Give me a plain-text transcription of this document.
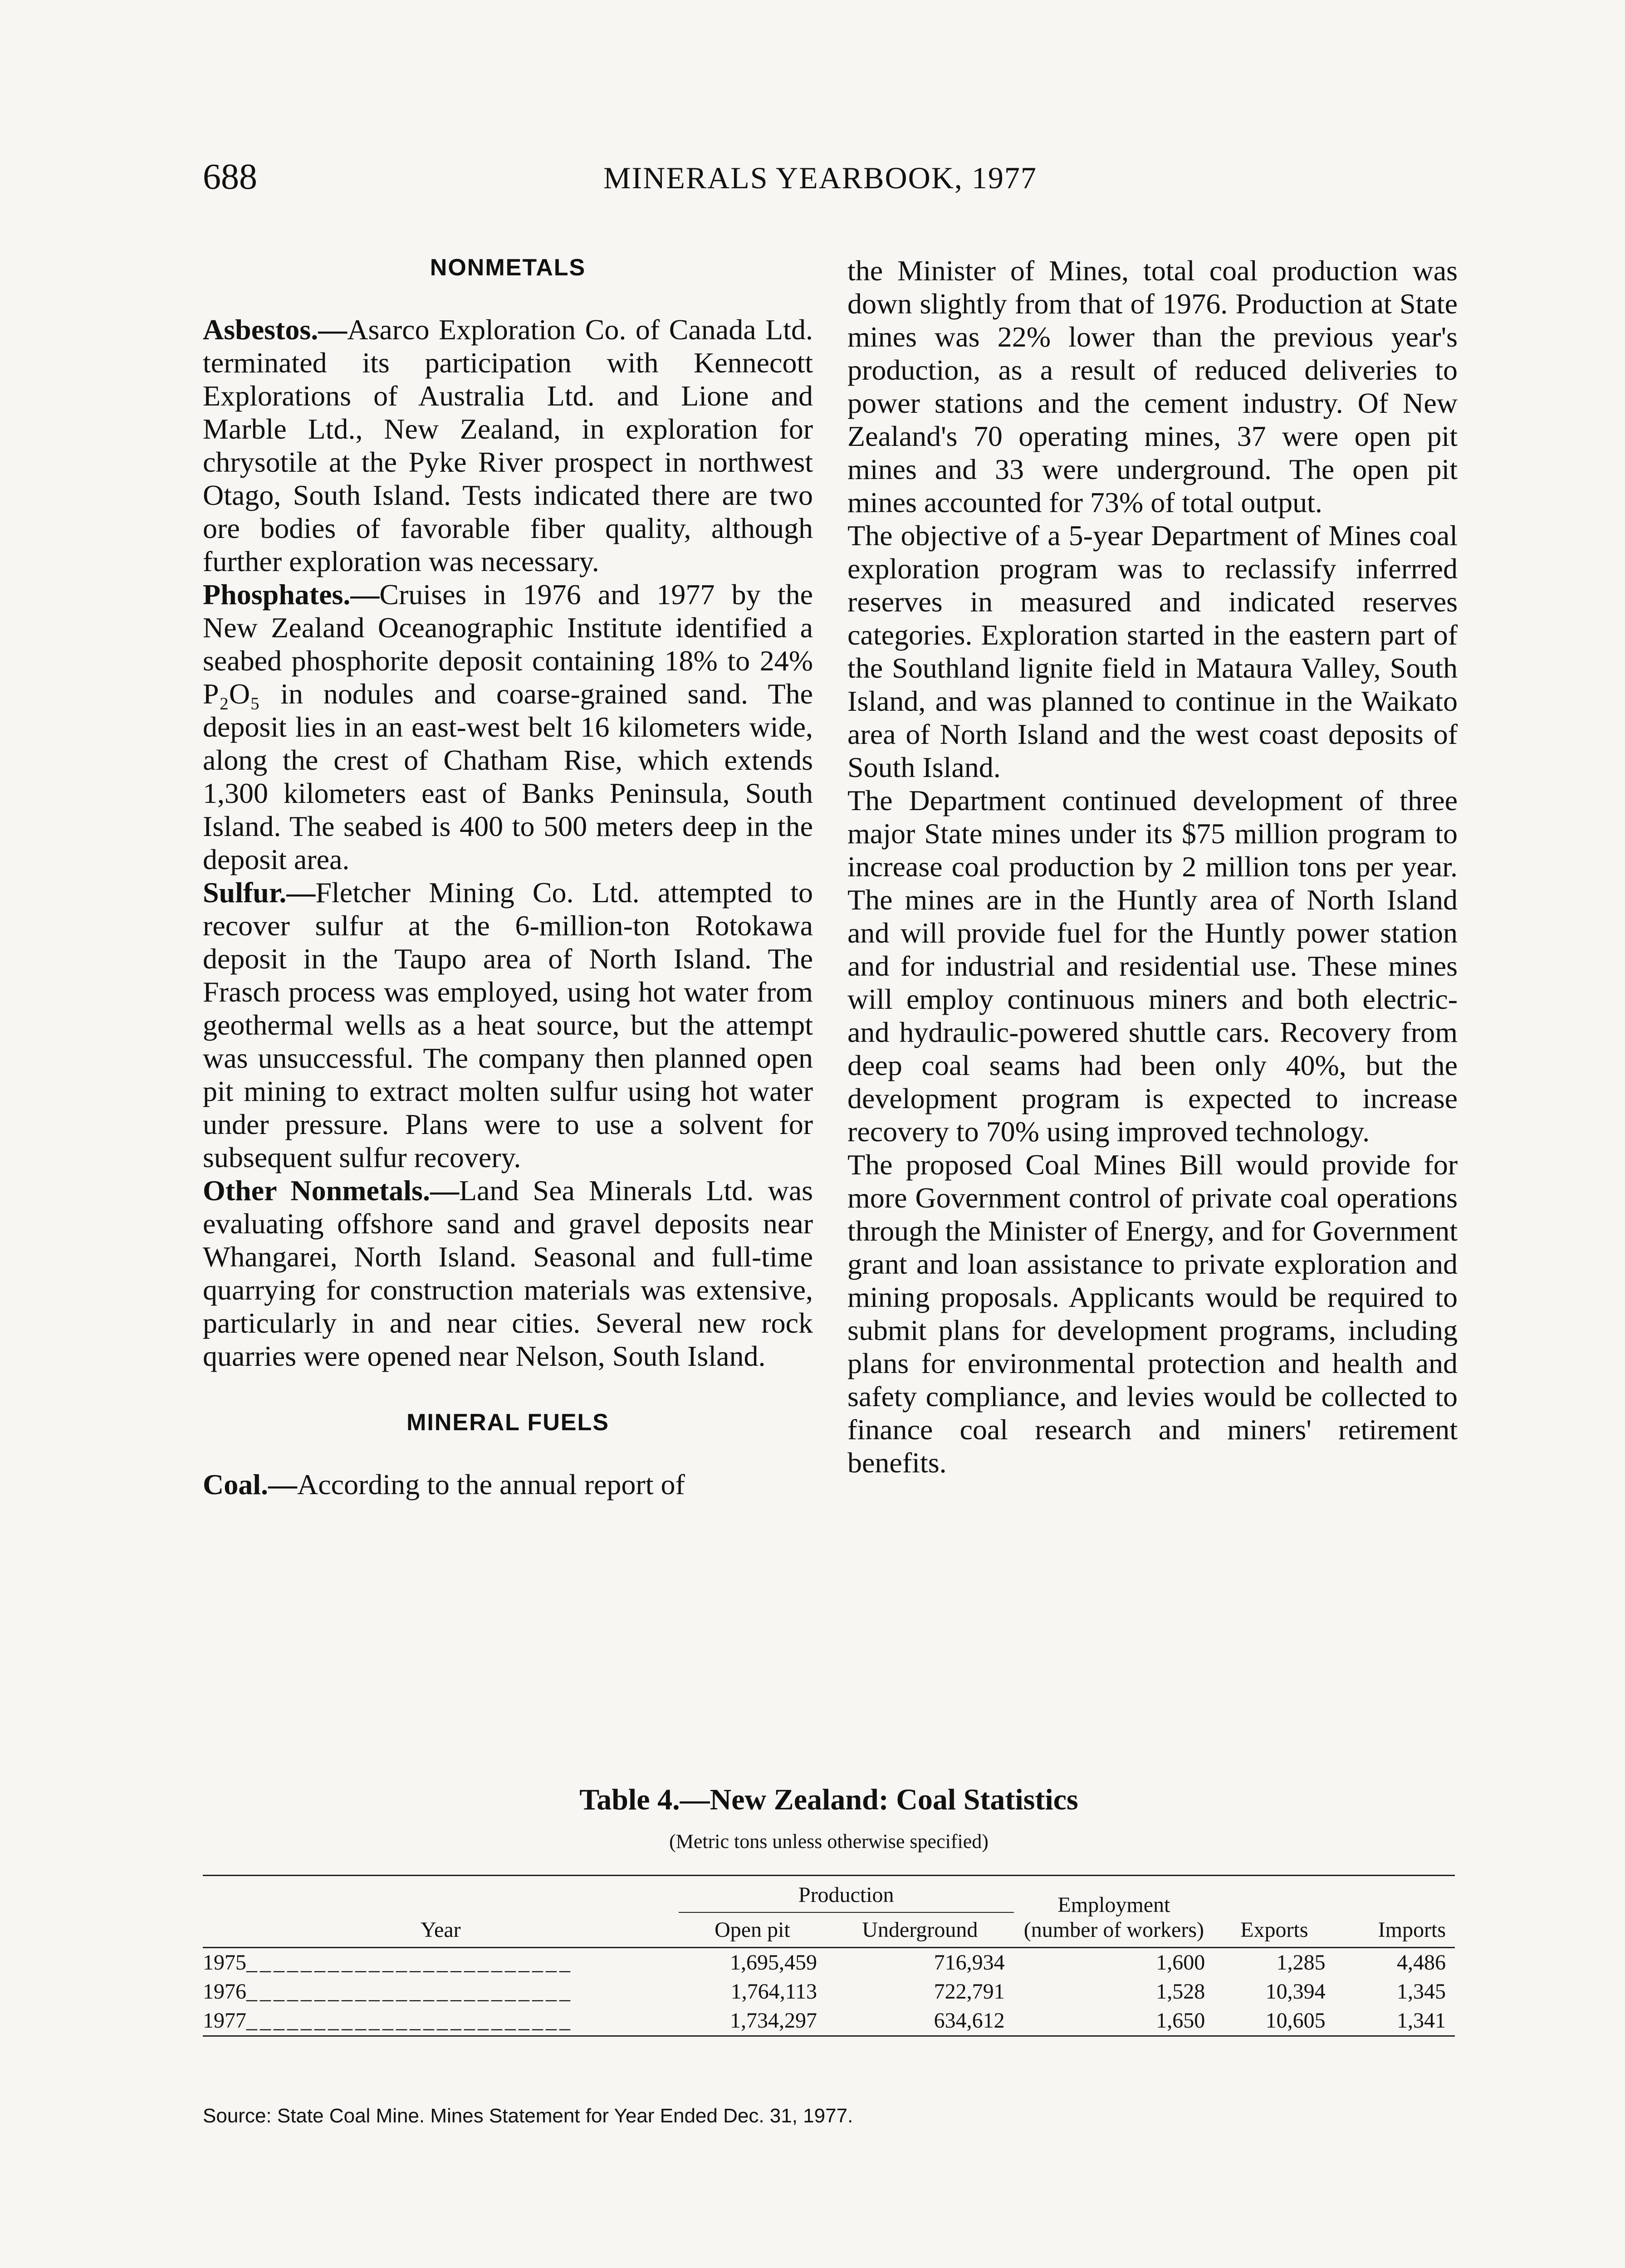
688	MINERALS YEARBOOK, 1977
NONMETALS

Asbestos.—Asarco Exploration Co. of Canada Ltd. terminated its participation with Kennecott Explorations of Australia Ltd. and Lione and Marble Ltd., New Zealand, in exploration for chrysotile at the Pyke River prospect in northwest Otago, South Island. Tests indicated there are two ore bodies of favorable fiber quality, although further exploration was necessary.

Phosphates.—Cruises in 1976 and 1977 by the New Zealand Oceanographic Institute identified a seabed phosphorite deposit containing 18% to 24% P₂O₅ in nodules and coarse-grained sand. The deposit lies in an east-west belt 16 kilometers wide, along the crest of Chatham Rise, which extends 1,300 kilometers east of Banks Peninsula, South Island. The seabed is 400 to 500 meters deep in the deposit area.

Sulfur.—Fletcher Mining Co. Ltd. attempted to recover sulfur at the 6-million-ton Rotokawa deposit in the Taupo area of North Island. The Frasch process was employed, using hot water from geothermal wells as a heat source, but the attempt was unsuccessful. The company then planned open pit mining to extract molten sulfur using hot water under pressure. Plans were to use a solvent for subsequent sulfur recovery.

Other Nonmetals.—Land Sea Minerals Ltd. was evaluating offshore sand and gravel deposits near Whangarei, North Island. Seasonal and full-time quarrying for construction materials was extensive, particularly in and near cities. Several new rock quarries were opened near Nelson, South Island.

MINERAL FUELS

Coal.—According to the annual report of

the Minister of Mines, total coal production was down slightly from that of 1976. Production at State mines was 22% lower than the previous year's production, as a result of reduced deliveries to power stations and the cement industry. Of New Zealand's 70 operating mines, 37 were open pit mines and 33 were underground. The open pit mines accounted for 73% of total output.

The objective of a 5-year Department of Mines coal exploration program was to reclassify inferrred reserves in measured and indicated reserves categories. Exploration started in the eastern part of the Southland lignite field in Mataura Valley, South Island, and was planned to continue in the Waikato area of North Island and the west coast deposits of South Island.

The Department continued development of three major State mines under its $75 million program to increase coal production by 2 million tons per year. The mines are in the Huntly area of North Island and will provide fuel for the Huntly power station and for industrial and residential use. These mines will employ continuous miners and both electric- and hydraulic-powered shuttle cars. Recovery from deep coal seams had been only 40%, but the development program is expected to increase recovery to 70% using improved technology.

The proposed Coal Mines Bill would provide for more Government control of private coal operations through the Minister of Energy, and for Government grant and loan assistance to private exploration and mining proposals. Applicants would be required to submit plans for development programs, including plans for environmental protection and health and safety compliance, and levies would be collected to finance coal research and miners' retirement benefits.

Table 4.—New Zealand: Coal Statistics

(Metric tons unless otherwise specified)

Year	Production		Employment (number of workers)	Exports	Imports
	Open pit	Underground			
1975________________________	1,695,459	716,934	1,600	1,285	4,486
1976________________________	1,764,113	722,791	1,528	10,394	1,345
1977________________________	1,734,297	634,612	1,650	10,605	1,341
Source: State Coal Mine. Mines Statement for Year Ended Dec. 31, 1977.
